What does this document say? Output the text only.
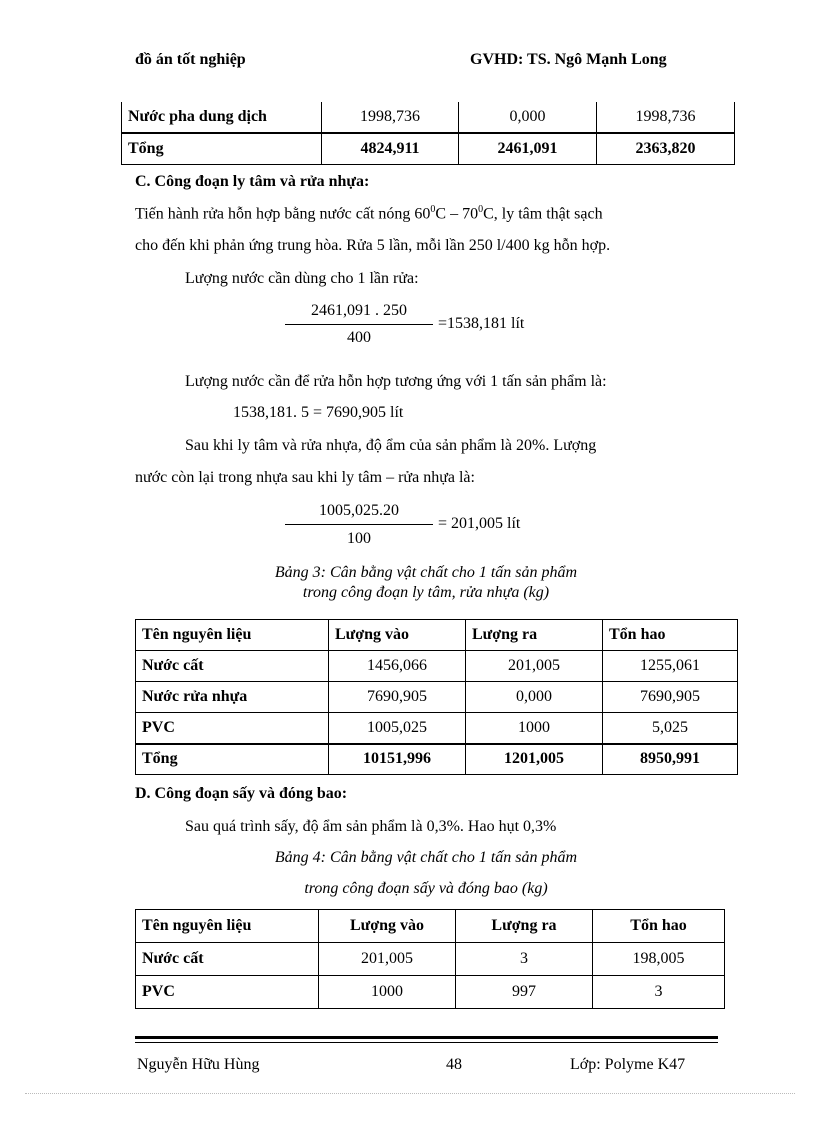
đồ án tốt nghiệp	GVHD: TS. Ngô Mạnh Long
Nước pha dung dịch	1998,736	0,000	1998,736
Tổng	4824,911	2461,091	2363,820
C. Công đoạn ly tâm và rửa nhựa:
Tiến hành rửa hỗn hợp bằng nước cất nóng $60^0C - 70^0C$, ly tâm thật sạch
cho đến khi phản ứng trung hòa. Rửa 5 lần, mỗi lần 250 l/400 kg hỗn hợp.
Lượng nước cần dùng cho 1 lần rửa:
2461,091 . 250
400
=1538,181 lít
Lượng nước cần để rửa hỗn hợp tương ứng với 1 tấn sản phẩm là:
1538,181. 5 = 7690,905 lít
Sau khi ly tâm và rửa nhựa, độ ẩm của sản phẩm là 20%. Lượng
nước còn lại trong nhựa sau khi ly tâm – rửa nhựa là:
1005,025.20
100
= 201,005 lít
Bảng 3: Cân bằng vật chất cho 1 tấn sản phẩm
trong công đoạn ly tâm, rửa nhựa (kg)
Tên nguyên liệu	Lượng vào	Lượng ra	Tổn hao
Nước cất	1456,066	201,005	1255,061
Nước rửa nhựa	7690,905	0,000	7690,905
PVC	1005,025	1000	5,025
Tổng	10151,996	1201,005	8950,991
D. Công đoạn sấy và đóng bao:
Sau quá trình sấy, độ ẩm sản phẩm là 0,3%. Hao hụt 0,3%
Bảng 4: Cân bằng vật chất cho 1 tấn sản phẩm
trong công đoạn sấy và đóng bao (kg)
Tên nguyên liệu	Lượng vào	Lượng ra	Tổn hao
Nước cất	201,005	3	198,005
PVC	1000	997	3
Nguyễn Hữu Hùng	48	Lớp: Polyme K47
